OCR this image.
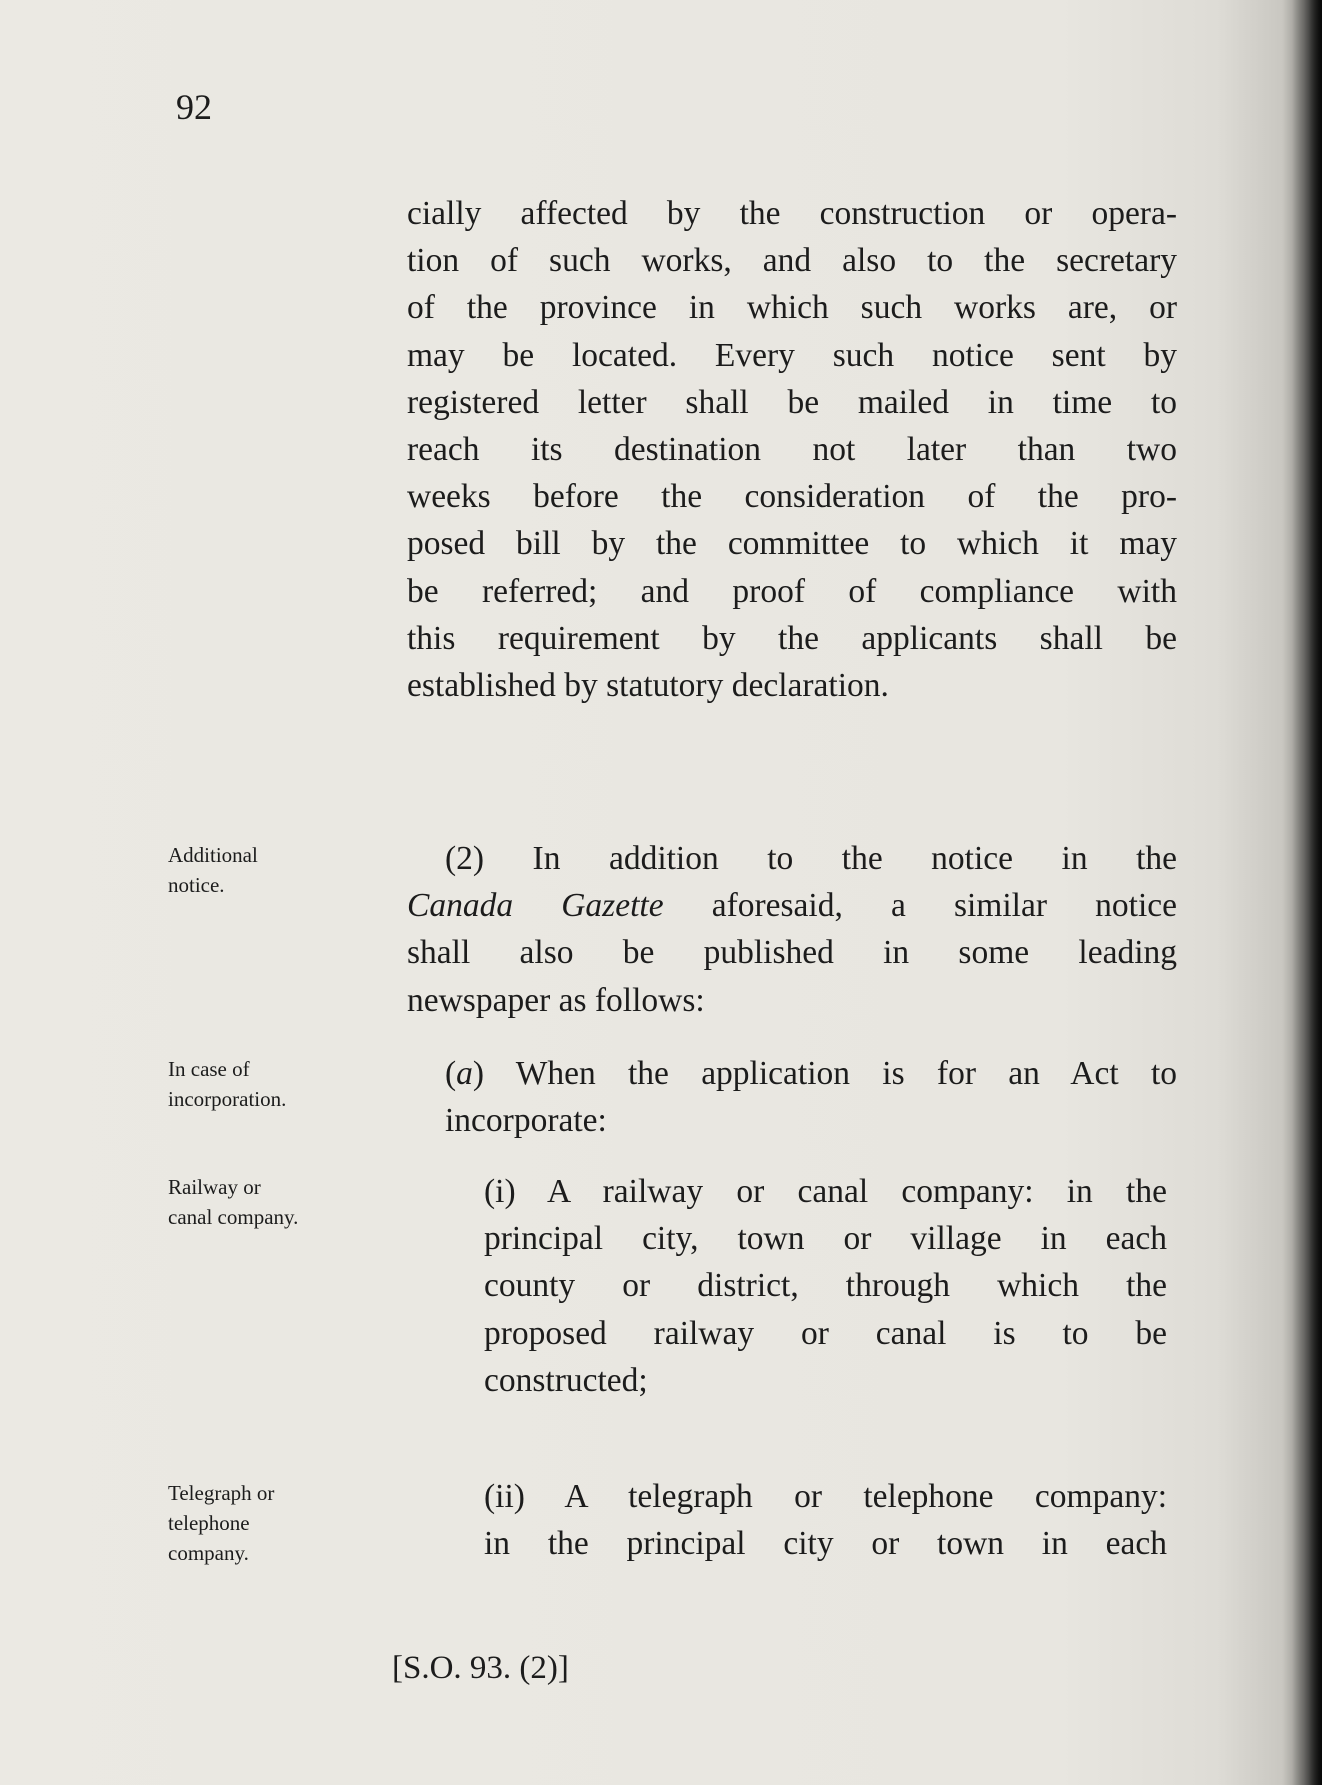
92
cially affected by the construction or opera-
tion of such works, and also to the secretary
of the province in which such works are, or
may be located. Every such notice sent by
registered letter shall be mailed in time to
reach its destination not later than two
weeks before the consideration of the pro-
posed bill by the committee to which it may
be referred; and proof of compliance with
this requirement by the applicants shall be
established by statutory declaration.
Additional
notice.
(2) In addition to the notice in the
Canada Gazette aforesaid, a similar notice
shall also be published in some leading
newspaper as follows:
In case of
incorporation.
(a) When the application is for an Act to
incorporate:
Railway or
canal company.
(i) A railway or canal company: in the
principal city, town or village in each
county or district, through which the
proposed railway or canal is to be
constructed;
Telegraph or
telephone
company.
(ii) A telegraph or telephone company:
in the principal city or town in each
[S.O. 93. (2)]
